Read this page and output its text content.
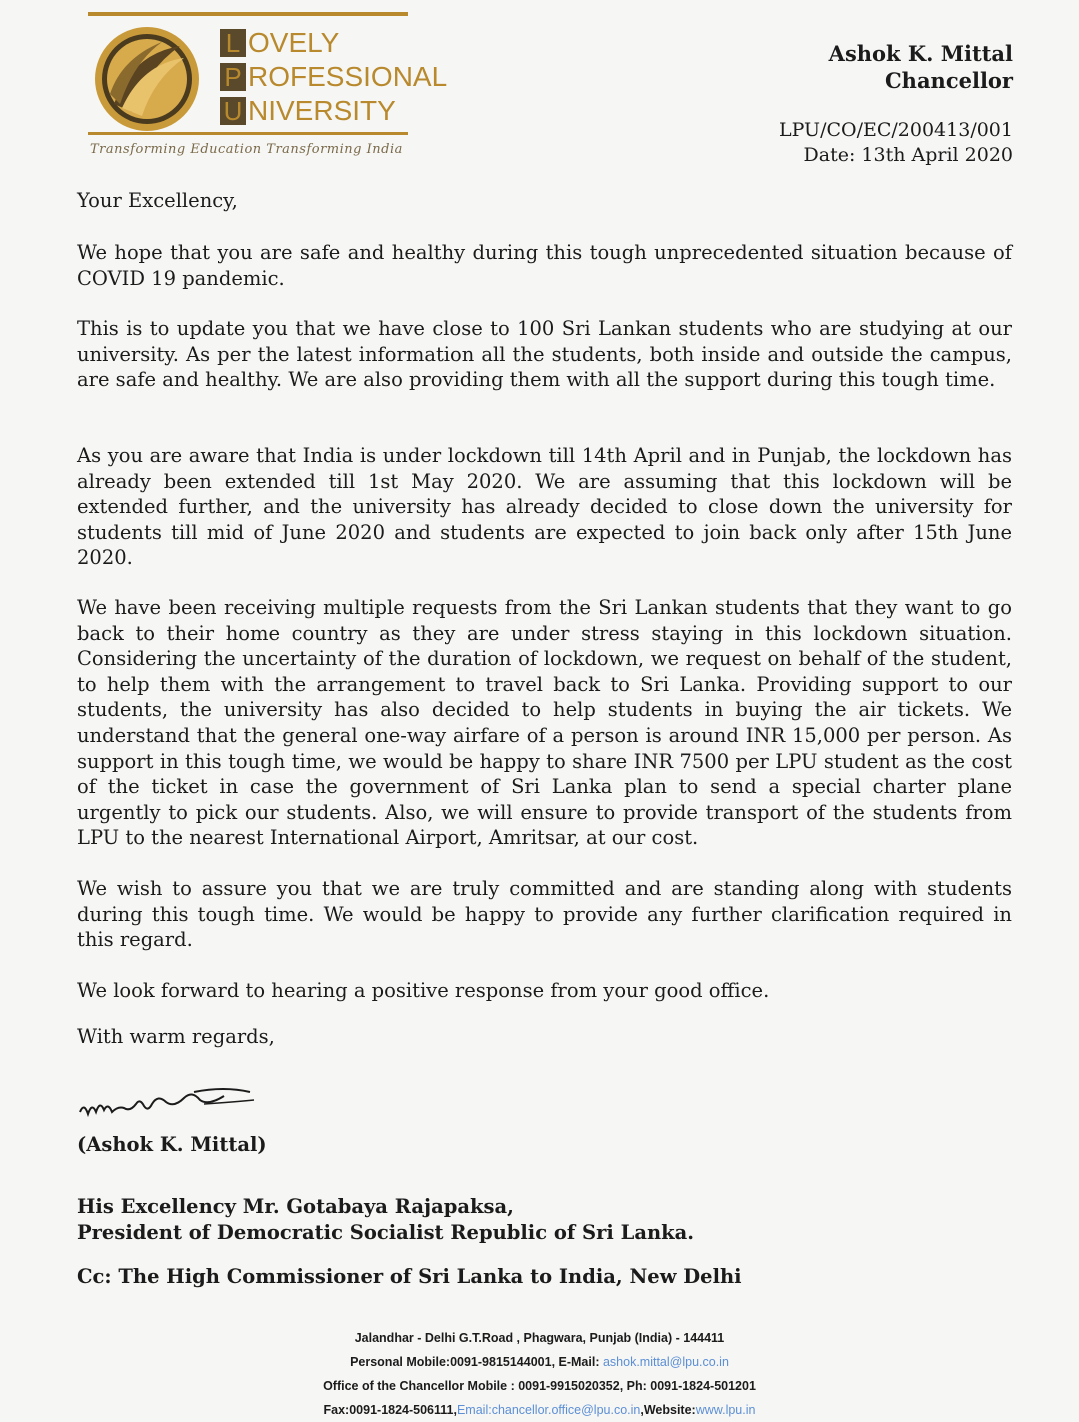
L OVELY
P ROFESSIONAL
U NIVERSITY
Transforming Education Transforming India
Ashok K. Mittal
Chancellor
LPU/CO/EC/200413/001
Date: 13th April 2020
Your Excellency,
We hope that you are safe and healthy during this tough unprecedented situation because of COVID 19 pandemic.
This is to update you that we have close to 100 Sri Lankan students who are studying at our university. As per the latest information all the students, both inside and outside the campus, are safe and healthy. We are also providing them with all the support during this tough time.
As you are aware that India is under lockdown till 14th April and in Punjab, the lockdown has already been extended till 1st May 2020. We are assuming that this lockdown will be extended further, and the university has already decided to close down the university for students till mid of June 2020 and students are expected to join back only after 15th June 2020.
We have been receiving multiple requests from the Sri Lankan students that they want to go back to their home country as they are under stress staying in this lockdown situation. Considering the uncertainty of the duration of lockdown, we request on behalf of the student, to help them with the arrangement to travel back to Sri Lanka. Providing support to our students, the university has also decided to help students in buying the air tickets. We understand that the general one-way airfare of a person is around INR 15,000 per person. As support in this tough time, we would be happy to share INR 7500 per LPU student as the cost of the ticket in case the government of Sri Lanka plan to send a special charter plane urgently to pick our students. Also, we will ensure to provide transport of the students from LPU to the nearest International Airport, Amritsar, at our cost.
We wish to assure you that we are truly committed and are standing along with students during this tough time. We would be happy to provide any further clarification required in this regard.
We look forward to hearing a positive response from your good office.
With warm regards,
(Ashok K. Mittal)
His Excellency Mr. Gotabaya Rajapaksa,
President of Democratic Socialist Republic of Sri Lanka.
Cc: The High Commissioner of Sri Lanka to India, New Delhi
Jalandhar - Delhi G.T.Road , Phagwara, Punjab (India) - 144411
Personal Mobile:0091-9815144001, E-Mail: ashok.mittal@lpu.co.in
Office of the Chancellor Mobile : 0091-9915020352, Ph: 0091-1824-501201
Fax:0091-1824-506111,Email:chancellor.office@lpu.co.in,Website:www.lpu.in
